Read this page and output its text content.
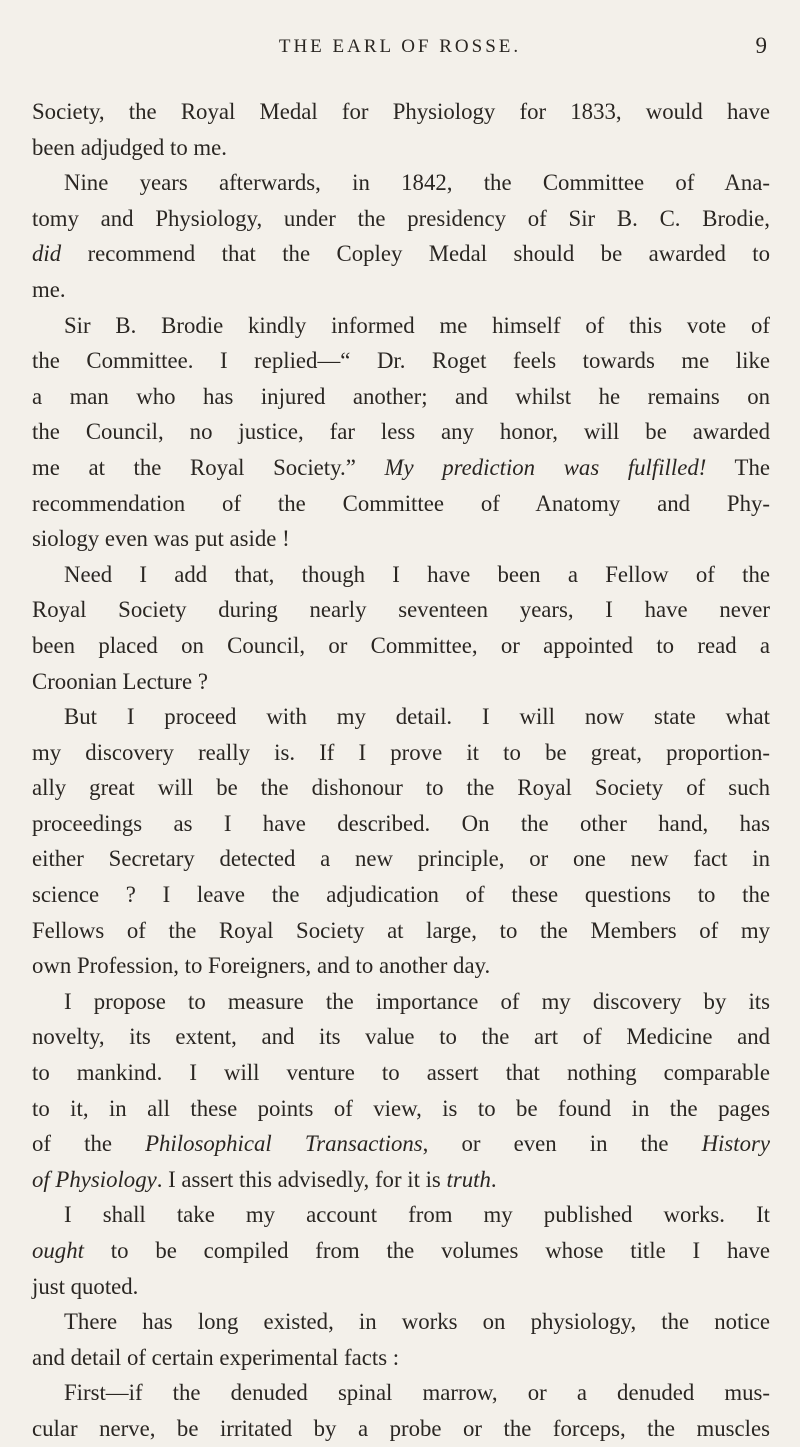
THE EARL OF ROSSE.	9
Society, the Royal Medal for Physiology for 1833, would have
been adjudged to me.
Nine years afterwards, in 1842, the Committee of Ana-
tomy and Physiology, under the presidency of Sir B. C. Brodie,
did recommend that the Copley Medal should be awarded to
me.
Sir B. Brodie kindly informed me himself of this vote of
the Committee. I replied—“ Dr. Roget feels towards me like
a man who has injured another; and whilst he remains on
the Council, no justice, far less any honor, will be awarded
me at the Royal Society.” My prediction was fulfilled! The
recommendation of the Committee of Anatomy and Phy-
siology even was put aside !
Need I add that, though I have been a Fellow of the
Royal Society during nearly seventeen years, I have never
been placed on Council, or Committee, or appointed to read a
Croonian Lecture ?
But I proceed with my detail. I will now state what
my discovery really is. If I prove it to be great, proportion-
ally great will be the dishonour to the Royal Society of such
proceedings as I have described. On the other hand, has
either Secretary detected a new principle, or one new fact in
science ? I leave the adjudication of these questions to the
Fellows of the Royal Society at large, to the Members of my
own Profession, to Foreigners, and to another day.
I propose to measure the importance of my discovery by its
novelty, its extent, and its value to the art of Medicine and
to mankind. I will venture to assert that nothing comparable
to it, in all these points of view, is to be found in the pages
of the Philosophical Transactions, or even in the History
of Physiology. I assert this advisedly, for it is truth.
I shall take my account from my published works. It
ought to be compiled from the volumes whose title I have
just quoted.
There has long existed, in works on physiology, the notice
and detail of certain experimental facts :
First—if the denuded spinal marrow, or a denuded mus-
cular nerve, be irritated by a probe or the forceps, the muscles
